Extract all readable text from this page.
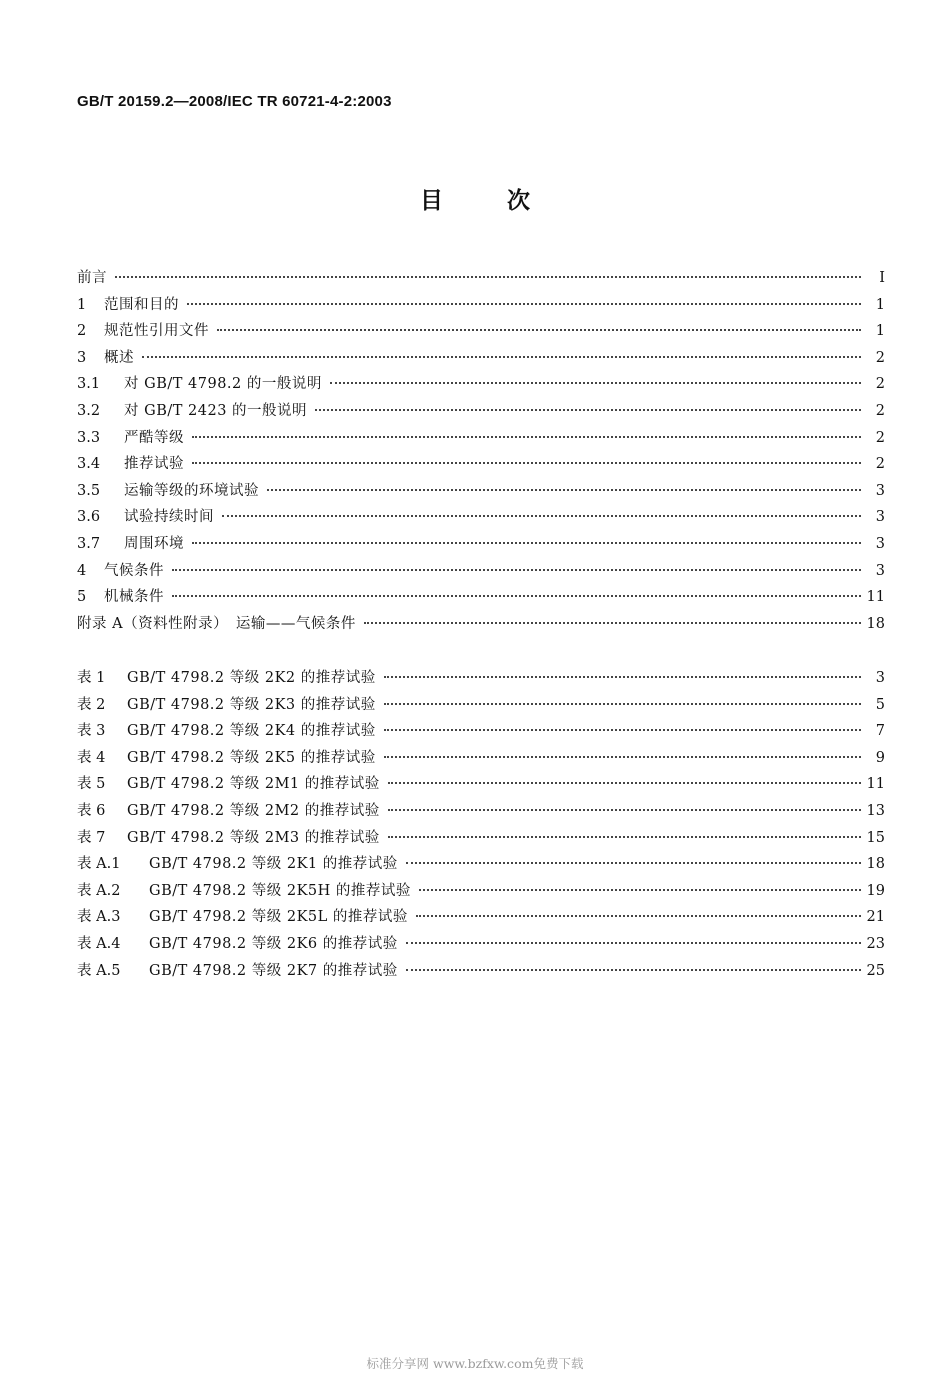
GB/T 20159.2—2008/IEC TR 60721-4-2:2003
目	次
前言	Ⅰ
1	范围和目的	1
2	规范性引用文件	1
3	概述	2
3.1	对 GB/T 4798.2 的一般说明	2
3.2	对 GB/T 2423 的一般说明	2
3.3	严酷等级	2
3.4	推荐试验	2
3.5	运输等级的环境试验	3
3.6	试验持续时间	3
3.7	周围环境	3
4	气候条件	3
5	机械条件	11
附录 A（资料性附录）　运输——气候条件	18
表 1	GB/T 4798.2 等级 2K2 的推荐试验	3
表 2	GB/T 4798.2 等级 2K3 的推荐试验	5
表 3	GB/T 4798.2 等级 2K4 的推荐试验	7
表 4	GB/T 4798.2 等级 2K5 的推荐试验	9
表 5	GB/T 4798.2 等级 2M1 的推荐试验	11
表 6	GB/T 4798.2 等级 2M2 的推荐试验	13
表 7	GB/T 4798.2 等级 2M3 的推荐试验	15
表 A.1	GB/T 4798.2 等级 2K1 的推荐试验	18
表 A.2	GB/T 4798.2 等级 2K5H 的推荐试验	19
表 A.3	GB/T 4798.2 等级 2K5L 的推荐试验	21
表 A.4	GB/T 4798.2 等级 2K6 的推荐试验	23
表 A.5	GB/T 4798.2 等级 2K7 的推荐试验	25
标准分享网 www.bzfxw.com免费下载
